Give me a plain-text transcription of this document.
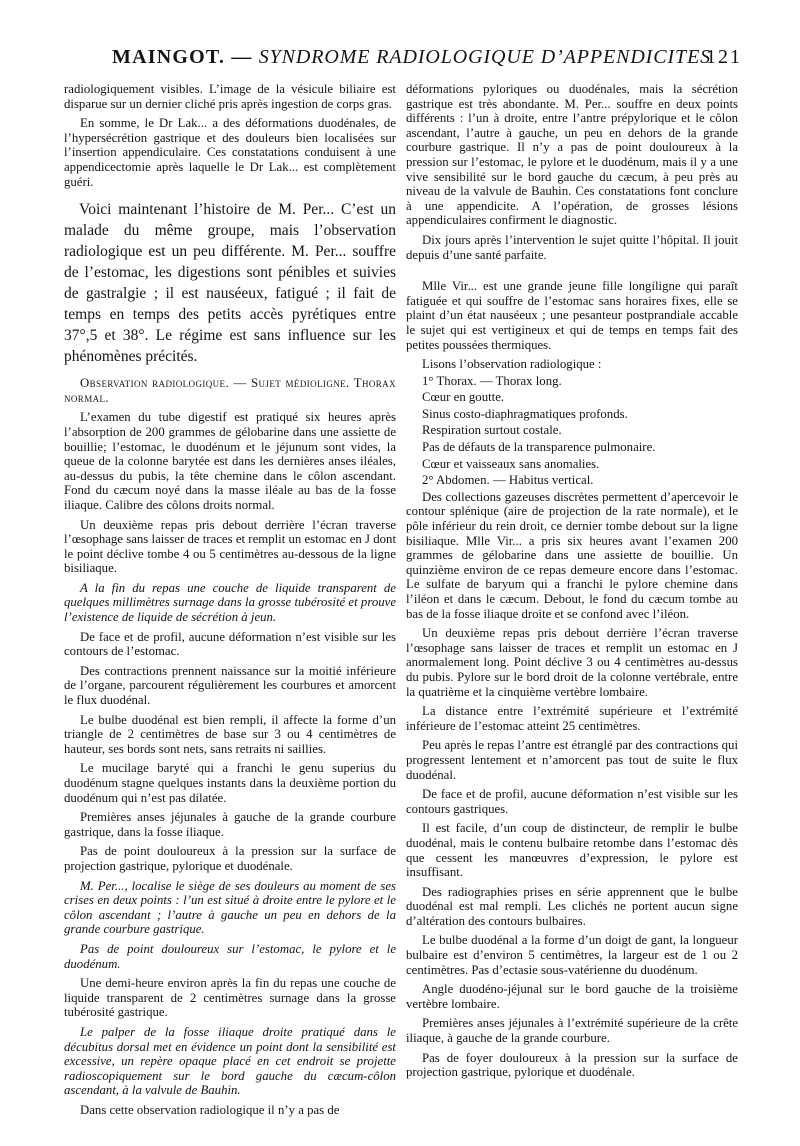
MAINGOT. — SYNDROME RADIOLOGIQUE D’APPENDICITES
121

radiologiquement visibles. L’image de la vésicule biliaire est disparue sur un dernier cliché pris après ingestion de corps gras.

En somme, le Dr Lak... a des déformations duodénales, de l’hypersécrétion gastrique et des douleurs bien localisées sur l’insertion appendiculaire. Ces constatations conduisent à une appendicectomie après laquelle le Dr Lak... est complètement guéri.

Voici maintenant l’histoire de M. Per... C’est un malade du même groupe, mais l’observation radiologique est un peu différente. M. Per... souffre de l’estomac, les digestions sont pénibles et suivies de gastralgie ; il est nauséeux, fatigué ; il fait de temps en temps des petits accès pyrétiques entre 37°,5 et 38°. Le régime est sans influence sur les phénomènes précités.

Observation radiologique. — Sujet médioligne. Thorax normal.

L’examen du tube digestif est pratiqué six heures après l’absorption de 200 grammes de gélobarine dans une assiette de bouillie; l’estomac, le duodénum et le jéjunum sont vides, la queue de la colonne barytée est dans les dernières anses iléales, au-dessus du pubis, la tête chemine dans le côlon ascendant. Fond du cæcum noyé dans la masse iléale au bas de la fosse iliaque. Calibre des côlons droits normal.

Un deuxième repas pris debout derrière l’écran traverse l’œsophage sans laisser de traces et remplit un estomac en J dont le point déclive tombe 4 ou 5 centimètres au-dessous de la ligne bisiliaque.

A la fin du repas une couche de liquide transparent de quelques millimètres surnage dans la grosse tubérosité et prouve l’existence de liquide de sécrétion à jeun.

De face et de profil, aucune déformation n’est visible sur les contours de l’estomac.

Des contractions prennent naissance sur la moitié inférieure de l’organe, parcourent régulièrement les courbures et amorcent le flux duodénal.

Le bulbe duodénal est bien rempli, il affecte la forme d’un triangle de 2 centimètres de base sur 3 ou 4 centimètres de hauteur, ses bords sont nets, sans retraits ni saillies.

Le mucilage baryté qui a franchi le genu superius du duodénum stagne quelques instants dans la deuxième portion du duodénum qui n’est pas dilatée.

Premières anses jéjunales à gauche de la grande courbure gastrique, dans la fosse iliaque.

Pas de point douloureux à la pression sur la surface de projection gastrique, pylorique et duodénale.

M. Per..., localise le siège de ses douleurs au moment de ses crises en deux points : l’un est situé à droite entre le pylore et le côlon ascendant ; l’autre à gauche un peu en dehors de la grande courbure gastrique.

Pas de point douloureux sur l’estomac, le pylore et le duodénum.

Une demi-heure environ après la fin du repas une couche de liquide transparent de 2 centimètres surnage dans la grosse tubérosité gastrique.

Le palper de la fosse iliaque droite pratiqué dans le décubitus dorsal met en évidence un point dont la sensibilité est excessive, un repère opaque placé en cet endroit se projette radioscopiquement sur le bord gauche du cæcum-côlon ascendant, à la valvule de Bauhin.

Dans cette observation radiologique il n’y a pas de

déformations pyloriques ou duodénales, mais la sécrétion gastrique est très abondante. M. Per... souffre en deux points différents : l’un à droite, entre l’antre prépylorique et le côlon ascendant, l’autre à gauche, un peu en dehors de la grande courbure gastrique. Il n’y a pas de point douloureux à la pression sur l’estomac, le pylore et le duodénum, mais il y a une vive sensibilité sur le bord gauche du cæcum, à peu près au niveau de la valvule de Bauhin. Ces constatations font conclure à une appendicite. A l’opération, de grosses lésions appendiculaires confirment le diagnostic.

Dix jours après l’intervention le sujet quitte l’hôpital. Il jouit depuis d’une santé parfaite.

Mlle Vir... est une grande jeune fille longiligne qui paraît fatiguée et qui souffre de l’estomac sans horaires fixes, elle se plaint d’un état nauséeux ; une pesanteur postprandiale accable le sujet qui est vertigineux et qui de temps en temps fait des petites poussées thermiques.

Lisons l’observation radiologique :

1° Thorax. — Thorax long.

Cœur en goutte.

Sinus costo-diaphragmatiques profonds.

Respiration surtout costale.

Pas de défauts de la transparence pulmonaire.

Cœur et vaisseaux sans anomalies.

2° Abdomen. — Habitus vertical.

Des collections gazeuses discrètes permettent d’apercevoir le contour splénique (aire de projection de la rate normale), et le pôle inférieur du rein droit, ce dernier tombe debout sur la ligne bisiliaque. Mlle Vir... a pris six heures avant l’examen 200 grammes de gélobarine dans une assiette de bouillie. Un quinzième environ de ce repas demeure encore dans l’estomac. Le sulfate de baryum qui a franchi le pylore chemine dans l’iléon et dans le cæcum. Debout, le fond du cæcum tombe au bas de la fosse iliaque droite et se confond avec l’iléon.

Un deuxième repas pris debout derrière l’écran traverse l’œsophage sans laisser de traces et remplit un estomac en J anormalement long. Point déclive 3 ou 4 centimètres au-dessus du pubis. Pylore sur le bord droit de la colonne vertébrale, entre la quatrième et la cinquième vertèbre lombaire.

La distance entre l’extrémité supérieure et l’extrémité inférieure de l’estomac atteint 25 centimètres.

Peu après le repas l’antre est étranglé par des contractions qui progressent lentement et n’amorcent pas tout de suite le flux duodénal.

De face et de profil, aucune déformation n’est visible sur les contours gastriques.

Il est facile, d’un coup de distincteur, de remplir le bulbe duodénal, mais le contenu bulbaire retombe dans l’estomac dès que cessent les manœuvres d’expression, le pylore est insuffisant.

Des radiographies prises en série apprennent que le bulbe duodénal est mal rempli. Les clichés ne portent aucun signe d’altération des contours bulbaires.

Le bulbe duodénal a la forme d’un doigt de gant, la longueur bulbaire est d’environ 5 centimètres, la largeur est de 1 ou 2 centimètres. Pas d’ectasie sous-vatérienne du duodénum.

Angle duodéno-jéjunal sur le bord gauche de la troisième vertèbre lombaire.

Premières anses jéjunales à l’extrémité supérieure de la crête iliaque, à gauche de la grande courbure.

Pas de foyer douloureux à la pression sur la surface de projection gastrique, pylorique et duodénale.
